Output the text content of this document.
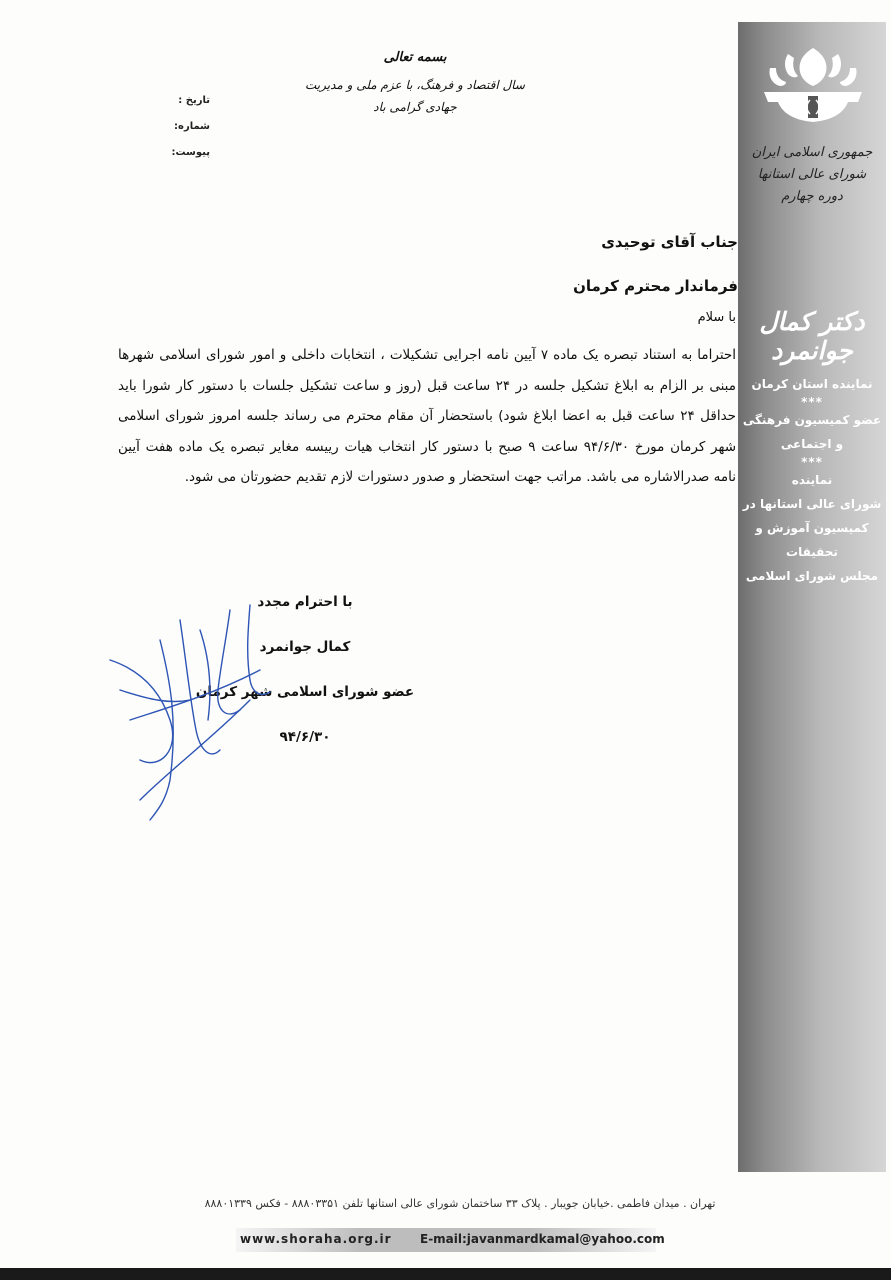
جمهوری اسلامی ایران
شورای عالی استانها
دوره چهارم
دکتر کمال جوانمرد
نماینده استان کرمان
***
عضو کمیسیون فرهنگی
و اجتماعی
***
نماینده
شورای عالی استانها در
کمیسیون آموزش و تحقیقات
مجلس شورای اسلامی
بسمه تعالی
سال اقتصاد و فرهنگ، با عزم ملی و مدیریت جهادی گرامی باد
تاریخ :
شماره:
پیوست:
جناب آقای توحیدی
فرماندار محترم کرمان
با سلام
احتراما به استناد تبصره یک ماده ۷ آیین نامه اجرایی تشکیلات ، انتخابات داخلی و امور شورای اسلامی شهرها مبنی بر الزام به ابلاغ تشکیل جلسه در ۲۴ ساعت قبل (روز و ساعت تشکیل جلسات با دستور کار شورا باید حداقل ۲۴ ساعت قبل به اعضا ابلاغ شود) باستحضار آن مقام محترم می رساند جلسه امروز شورای اسلامی شهر کرمان مورخ ۹۴/۶/۳۰ ساعت ۹ صبح با دستور کار انتخاب هیات رییسه مغایر تبصره یک ماده هفت آیین نامه صدرالاشاره می باشد. مراتب جهت استحضار و صدور دستورات لازم تقدیم حضورتان می شود.
با احترام مجدد
کمال جوانمرد
عضو شورای اسلامی شهر کرمان
۹۴/۶/۳۰
تهران . میدان فاطمی .خیابان جویبار . پلاک ۳۳ ساختمان شورای عالی استانها تلفن ۸۸۸۰۳۳۵۱ - فکس ۸۸۸۰۱۳۳۹
www.shoraha.org.ir E-mail:javanmardkamal@yahoo.com
